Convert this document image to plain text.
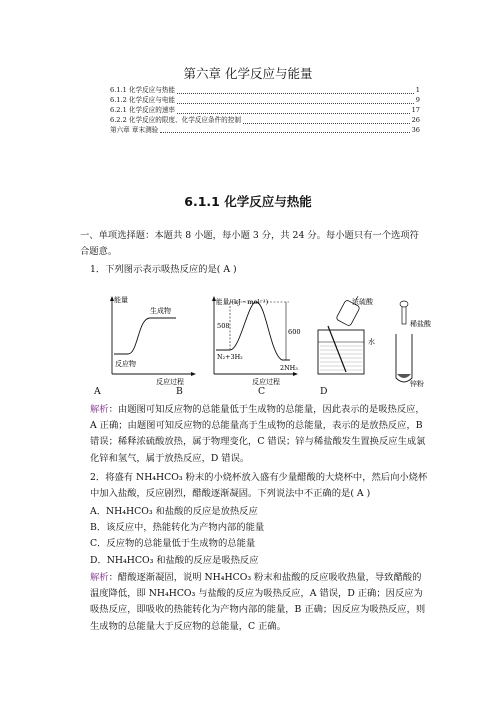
第六章 化学反应与能量
6.1.1 化学反应与热能	1
6.1.2 化学反应与电能	9
6.2.1 化学反应的速率	17
6.2.2 化学反应的限度、化学反应条件的控制	26
第六章 章末测验	36
6.1.1 化学反应与热能
一、单项选择题：本题共 8 小题，每小题 3 分，共 24 分。每小题只有一个选项符合题意。
1．下列图示表示吸热反应的是( A )
能量
生成物
反应物
反应过程
能量/(kJ・mol⁻¹)
508
600
N₂+3H₂
2NH₃
反应过程
浓硫酸
水
稀盐酸
锌粉
A	B	C	D
解析：由题图可知反应物的总能量低于生成物的总能量，因此表示的是吸热反应，A 正确；由题图可知反应物的总能量高于生成物的总能量，表示的是放热反应，B 错误；稀释浓硫酸放热，属于物理变化，C 错误；锌与稀盐酸发生置换反应生成氯化锌和氢气，属于放热反应，D 错误。
2．将盛有 NH₄HCO₃ 粉末的小烧杯放入盛有少量醋酸的大烧杯中，然后向小烧杯中加入盐酸，反应剧烈，醋酸逐渐凝固。下列说法中不正确的是( A )
A．NH₄HCO₃ 和盐酸的反应是放热反应
B．该反应中，热能转化为产物内部的能量
C．反应物的总能量低于生成物的总能量
D．NH₄HCO₃ 和盐酸的反应是吸热反应
解析：醋酸逐渐凝固，说明 NH₄HCO₃ 粉末和盐酸的反应吸收热量，导致醋酸的温度降低，即 NH₄HCO₃ 与盐酸的反应为吸热反应，A 错误，D 正确；因反应为吸热反应，即吸收的热能转化为产物内部的能量，B 正确；因反应为吸热反应，则生成物的总能量大于反应物的总能量，C 正确。
